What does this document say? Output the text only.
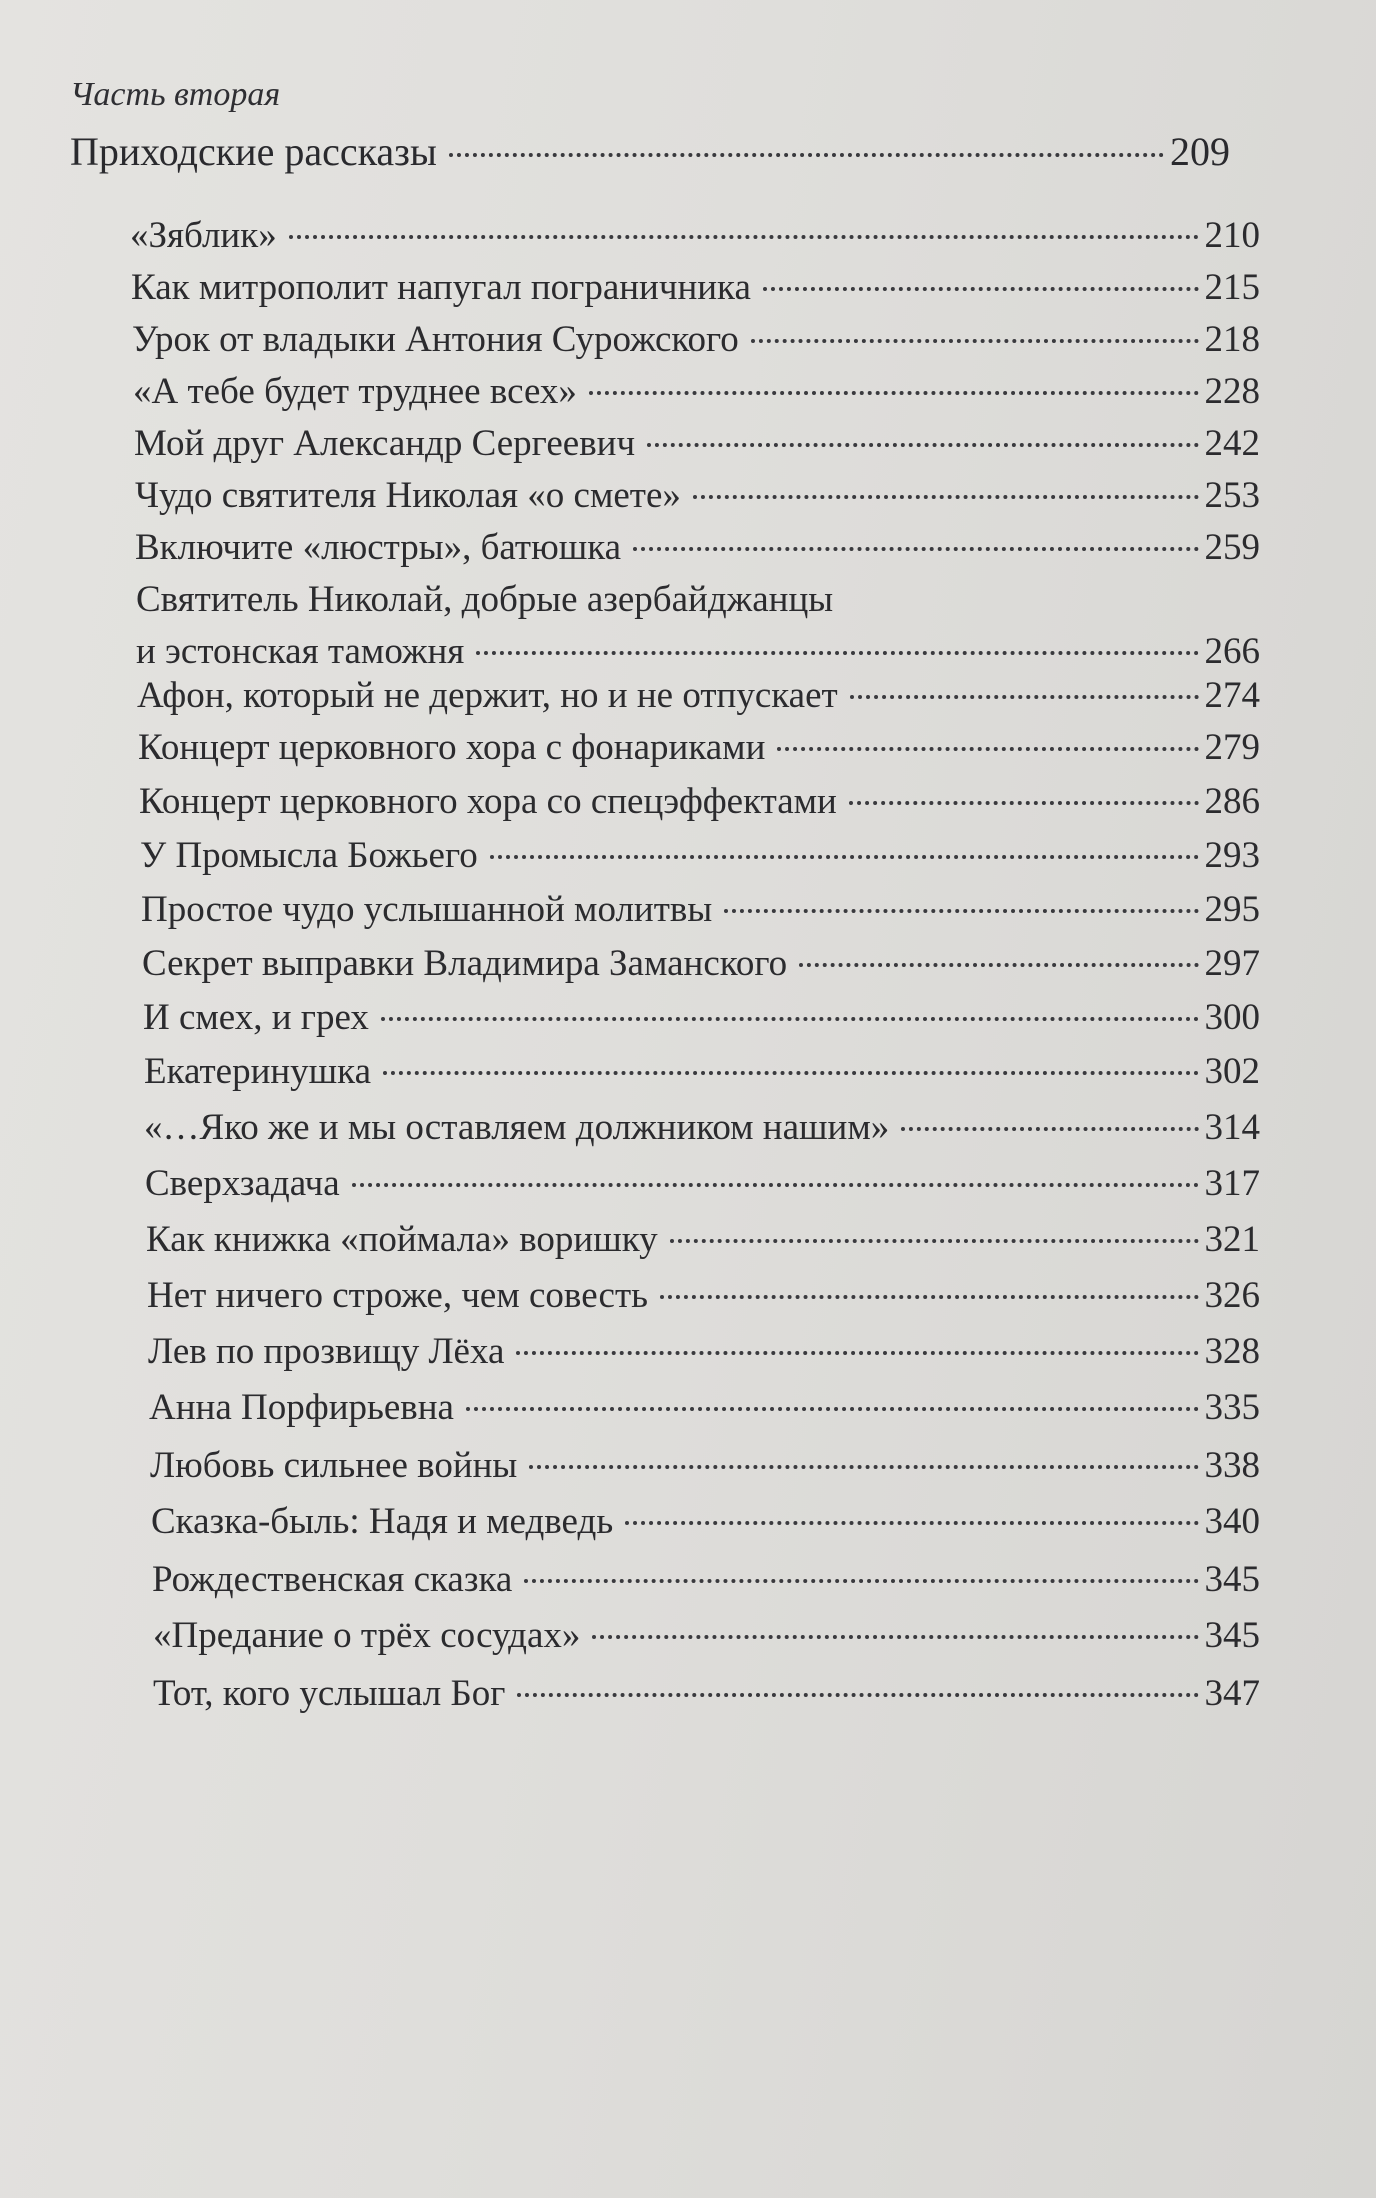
Часть вторая
Приходские рассказы	209
«Зяблик»	210
Как митрополит напугал пограничника	215
Урок от владыки Антония Сурожского	218
«А тебе будет труднее всех»	228
Мой друг Александр Сергеевич	242
Чудо святителя Николая «о смете»	253
Включите «люстры», батюшка	259
Святитель Николай, добрые азербайджанцы
и эстонская таможня	266
Афон, который не держит, но и не отпускает	274
Концерт церковного хора с фонариками	279
Концерт церковного хора со спецэффектами	286
У Промысла Божьего	293
Простое чудо услышанной молитвы	295
Секрет выправки Владимира Заманского	297
И смех, и грех	300
Екатеринушка	302
«…Яко же и мы оставляем должником нашим»	314
Сверхзадача	317
Как книжка «поймала» воришку	321
Нет ничего строже, чем совесть	326
Лев по прозвищу Лёха	328
Анна Порфирьевна	335
Любовь сильнее войны	338
Сказка-быль: Надя и медведь	340
Рождественская сказка	345
«Предание о трёх сосудах»	345
Тот, кого услышал Бог	347
